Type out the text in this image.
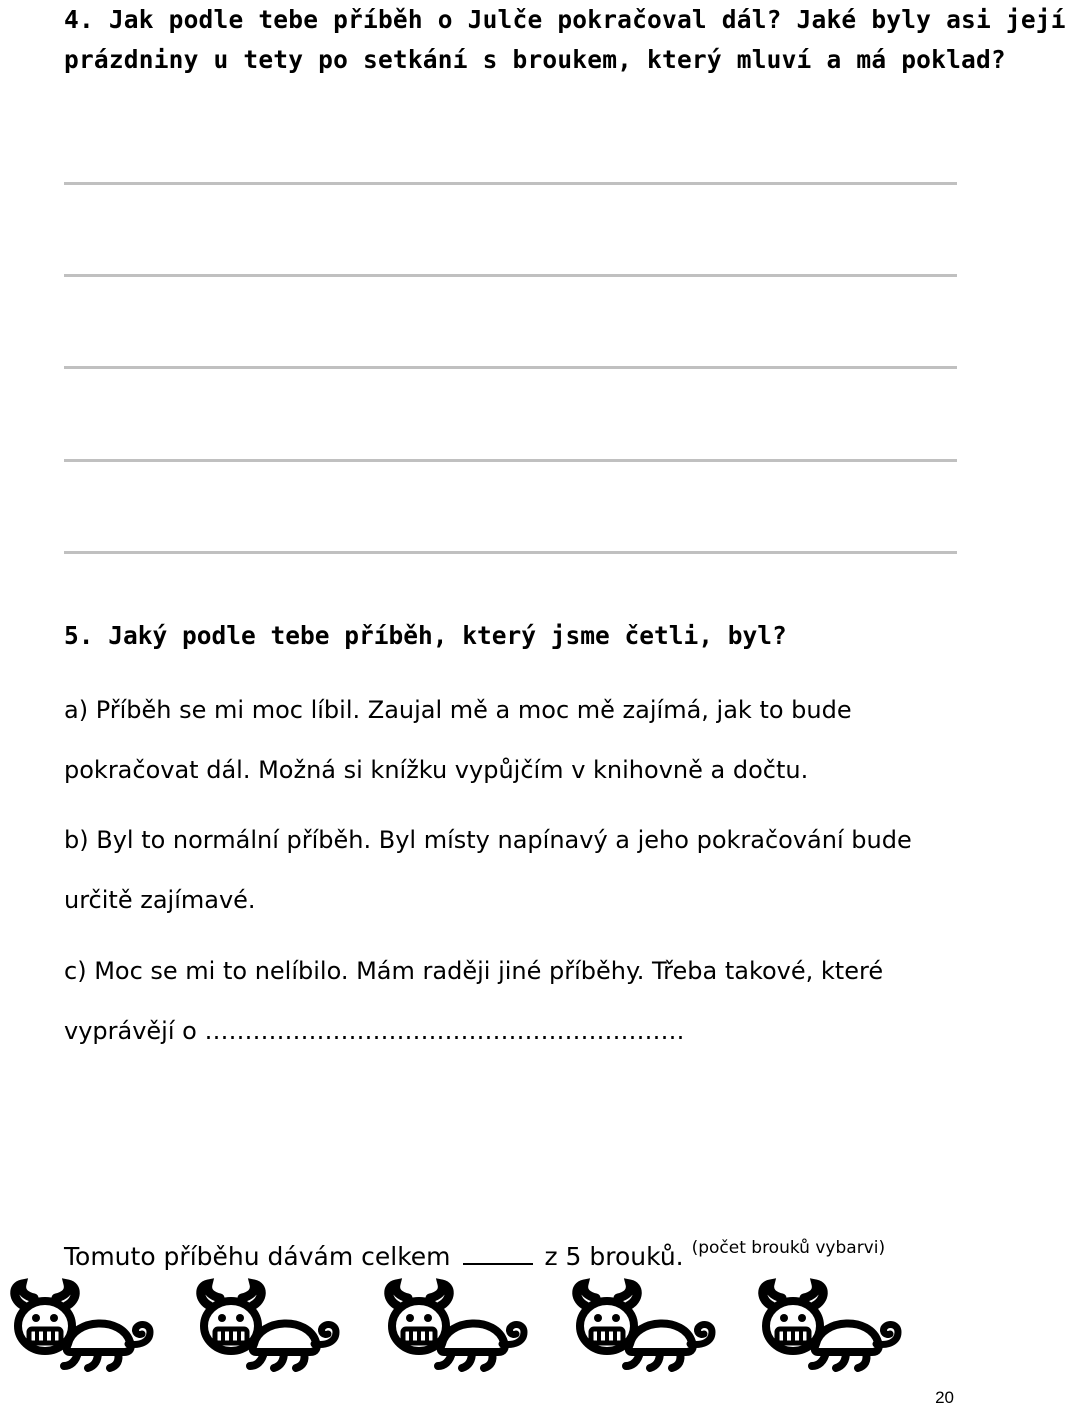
4. Jak podle tebe příběh o Julče pokračoval dál? Jaké byly asi její
prázdniny u tety po setkání s broukem, který mluví a má poklad?
5. Jaký podle tebe příběh, který jsme četli, byl?
a) Příběh se mi moc líbil. Zaujal mě a moc mě zajímá, jak to bude
pokračovat dál. Možná si knížku vypůjčím v knihovně a dočtu.
b) Byl to normální příběh. Byl místy napínavý a jeho pokračování bude
určitě zajímavé.
c) Moc se mi to nelíbilo. Mám raději jiné příběhy. Třeba takové, které
vyprávějí o ……………………………………………………
Tomuto příběhu dávám celkem	z 5 brouků. $^{(počet brouků vybarvi)}$
20
